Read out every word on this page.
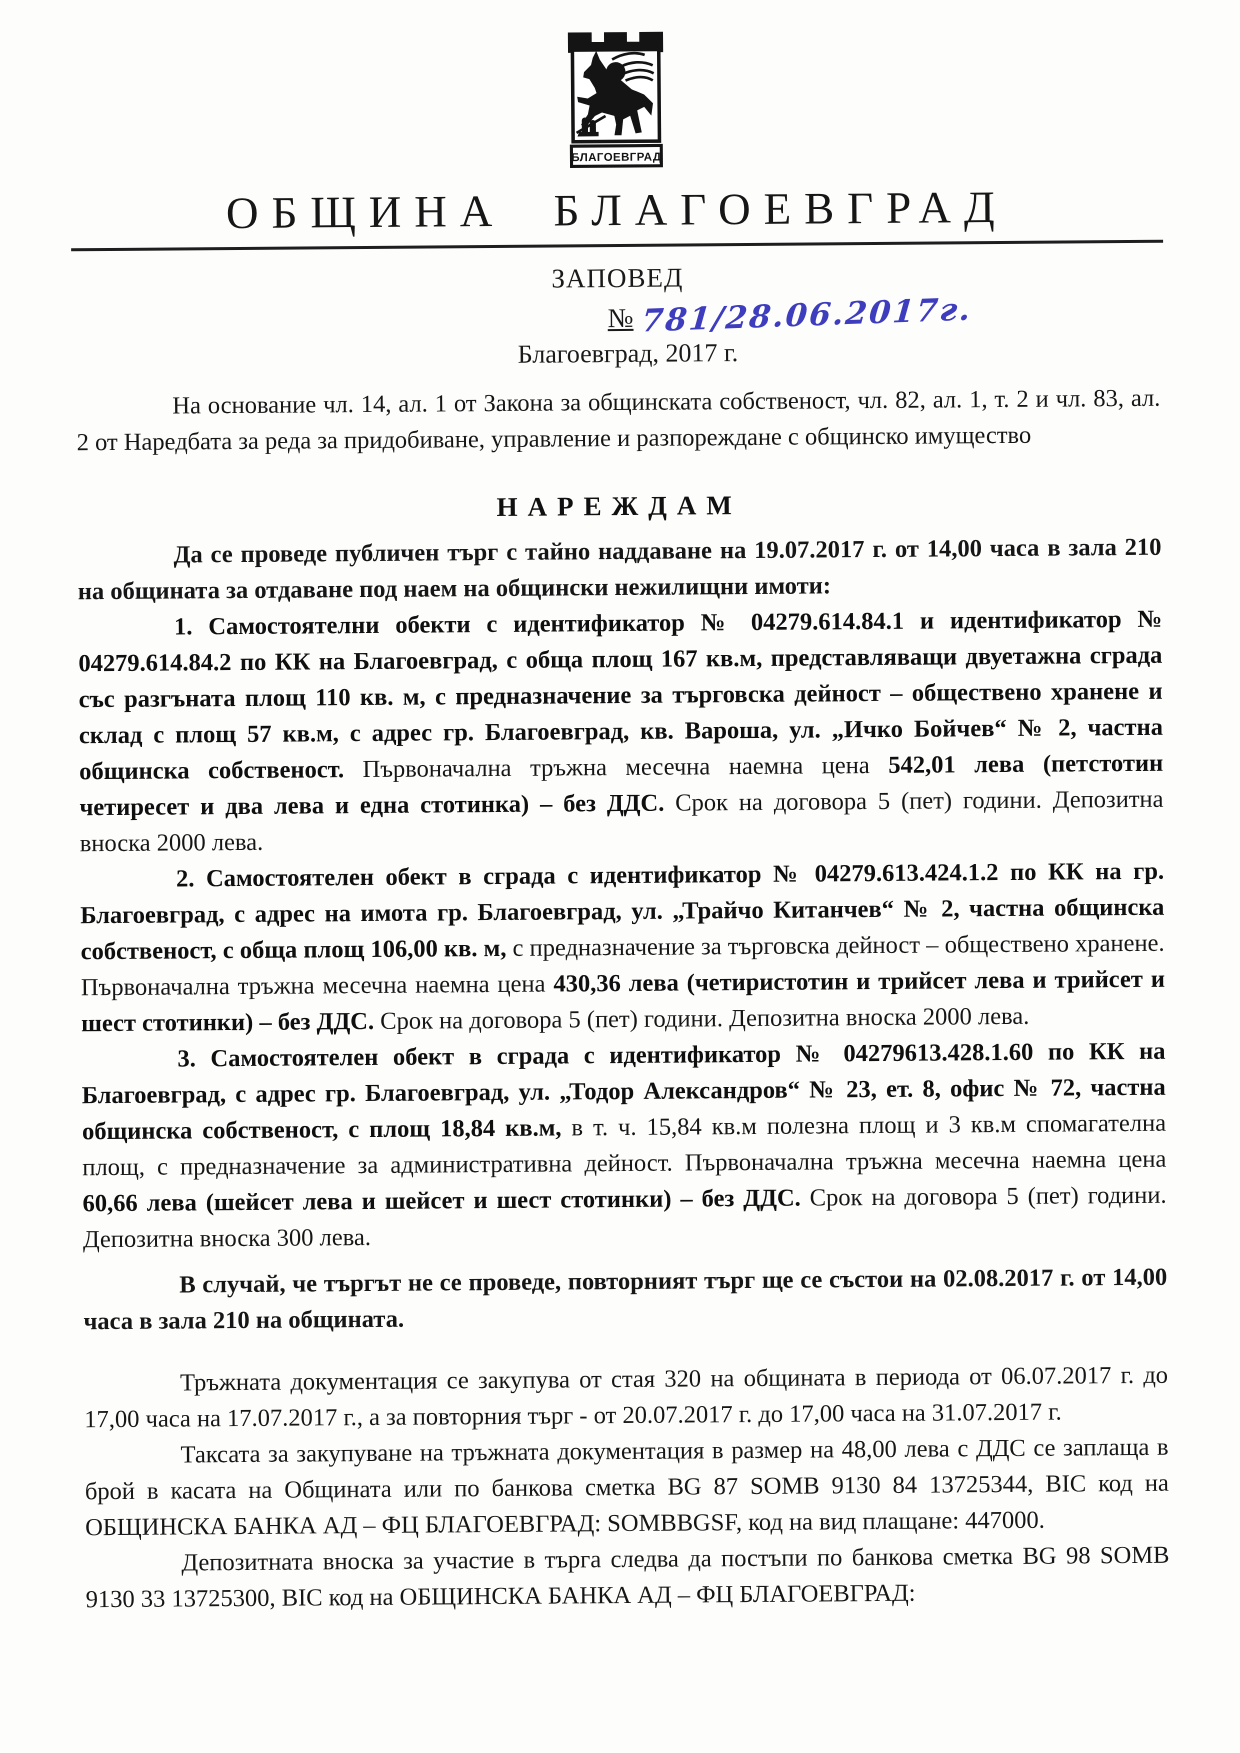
БЛАГОЕВГРАД
ОБЩИНА БЛАГОЕВГРАД
ЗАПОВЕД
№ 781/28.06.2017г.
Благоевград, 2017 г.

На основание чл. 14, ал. 1 от Закона за общинската собственост, чл. 82, ал. 1, т. 2 и чл. 83, ал. 2 от Наредбата за реда за придобиване, управление и разпореждане с общинско имущество

НАРЕЖДАМ

Да се проведе публичен търг с тайно наддаване на 19.07.2017 г. от 14,00 часа в зала 210 на общината за отдаване под наем на общински нежилищни имоти:

1. Самостоятелни обекти с идентификатор № 04279.614.84.1 и идентификатор № 04279.614.84.2 по КК на Благоевград, с обща площ 167 кв.м, представляващи двуетажна сграда със разгъната площ 110 кв. м, с предназначение за търговска дейност – обществено хранене и склад с площ 57 кв.м, с адрес гр. Благоевград, кв. Вароша, ул. „Ичко Бойчев“ № 2, частна общинска собственост. Първоначална тръжна месечна наемна цена 542,01 лева (петстотин четиресет и два лева и една стотинка) – без ДДС. Срок на договора 5 (пет) години. Депозитна вноска 2000 лева.

2. Самостоятелен обект в сграда с идентификатор № 04279.613.424.1.2 по КК на гр. Благоевград, с адрес на имота гр. Благоевград, ул. „Трайчо Китанчев“ № 2, частна общинска собственост, с обща площ 106,00 кв. м, с предназначение за търговска дейност – обществено хранене. Първоначална тръжна месечна наемна цена 430,36 лева (четиристотин и трийсет лева и трийсет и шест стотинки) – без ДДС. Срок на договора 5 (пет) години. Депозитна вноска 2000 лева.

3. Самостоятелен обект в сграда с идентификатор № 04279613.428.1.60 по КК на Благоевград, с адрес гр. Благоевград, ул. „Тодор Александров“ № 23, ет. 8, офис № 72, частна общинска собственост, с площ 18,84 кв.м, в т. ч. 15,84 кв.м полезна площ и 3 кв.м спомагателна площ, с предназначение за административна дейност. Първоначална тръжна месечна наемна цена 60,66 лева (шейсет лева и шейсет и шест стотинки) – без ДДС. Срок на договора 5 (пет) години. Депозитна вноска 300 лева.

В случай, че търгът не се проведе, повторният търг ще се състои на 02.08.2017 г. от 14,00 часа в зала 210 на общината.

Тръжната документация се закупува от стая 320 на общината в периода от 06.07.2017 г. до 17,00 часа на 17.07.2017 г., а за повторния търг - от 20.07.2017 г. до 17,00 часа на 31.07.2017 г.

Таксата за закупуване на тръжната документация в размер на 48,00 лева с ДДС се заплаща в брой в касата на Общината или по банкова сметка BG 87 SOMB 9130 84 13725344, BIC код на ОБЩИНСКА БАНКА АД – ФЦ БЛАГОЕВГРАД: SOMBBGSF, код на вид плащане: 447000.

Депозитната вноска за участие в търга следва да постъпи по банкова сметка BG 98 SOMB 9130 33 13725300, BIC код на ОБЩИНСКА БАНКА АД – ФЦ БЛАГОЕВГРАД:
